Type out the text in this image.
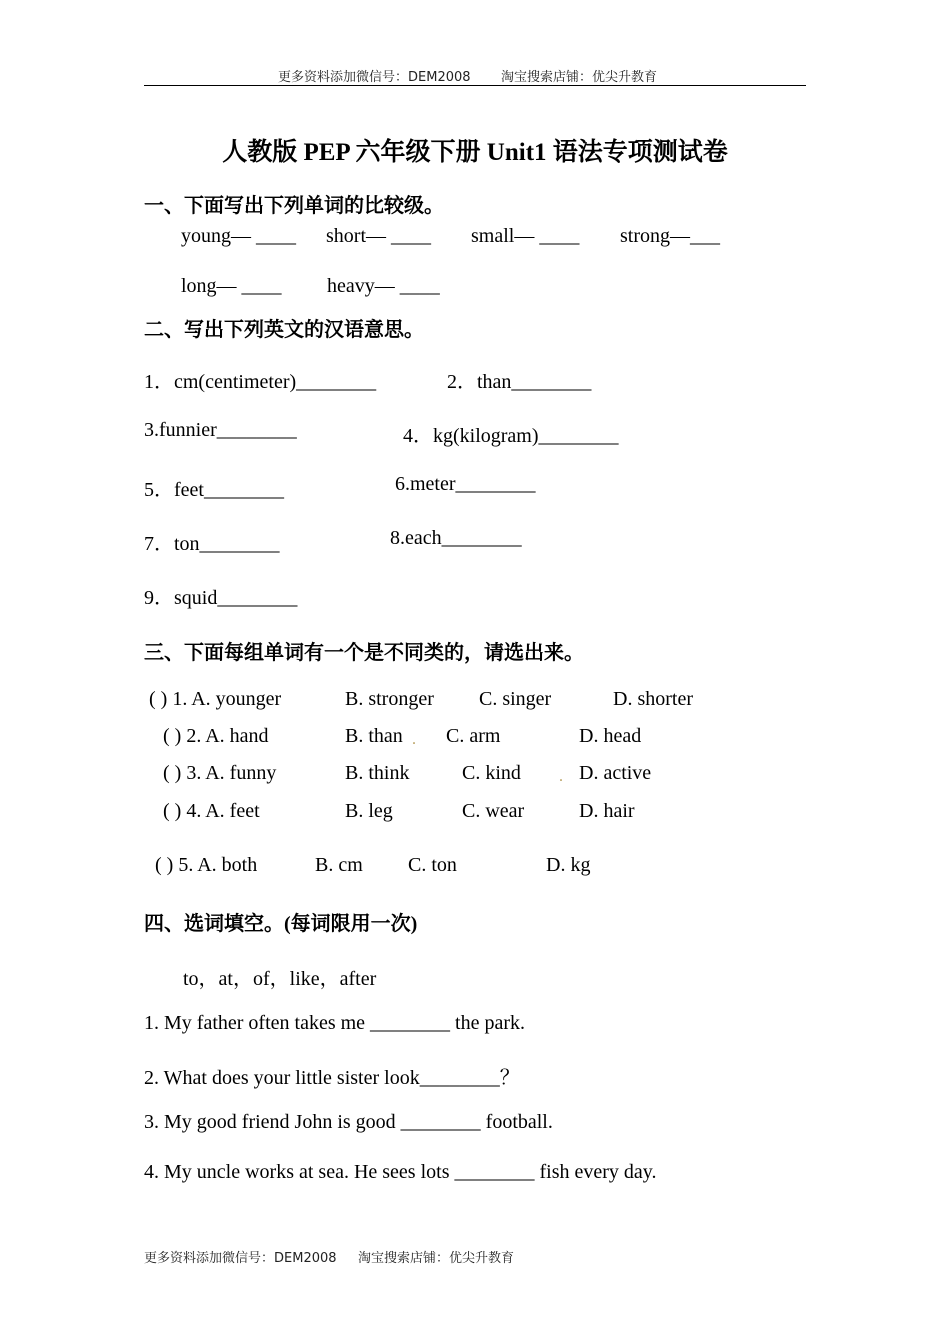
更多资料添加微信号：DEM2008 淘宝搜索店铺：优尖升教育
人教版 PEP 六年级下册 Unit1 语法专项测试卷
一、下面写出下列单词的比较级。
young— ____ short— ____ small— ____ strong—___
long— ____ heavy— ____
二、写出下列英文的汉语意思。
1．cm(centimeter)________	2．than________
3.funnier________	4．kg(kilogram)________
5．feet________	6.meter________
7．ton________	8.each________
9．squid________
三、下面每组单词有一个是不同类的，请选出来。
( ) 1. A. younger	B. stronger C. singer	D. shorter
( ) 2. A. hand	B. than . C. arm	D. head
( ) 3. A. funny	B. think	C. kind . D. active
( ) 4. A. feet	B. leg	C. wear	D. hair
( ) 5. A. both	B. cm C. ton	D. kg
四、选词填空。(每词限用一次)
to，at，of，like，after
1. My father often takes me ________ the park.
2. What does your little sister look________？
3. My good friend John is good ________ football.
4. My uncle works at sea. He sees lots ________ fish every day.
更多资料添加微信号：DEM2008 淘宝搜索店铺：优尖升教育
